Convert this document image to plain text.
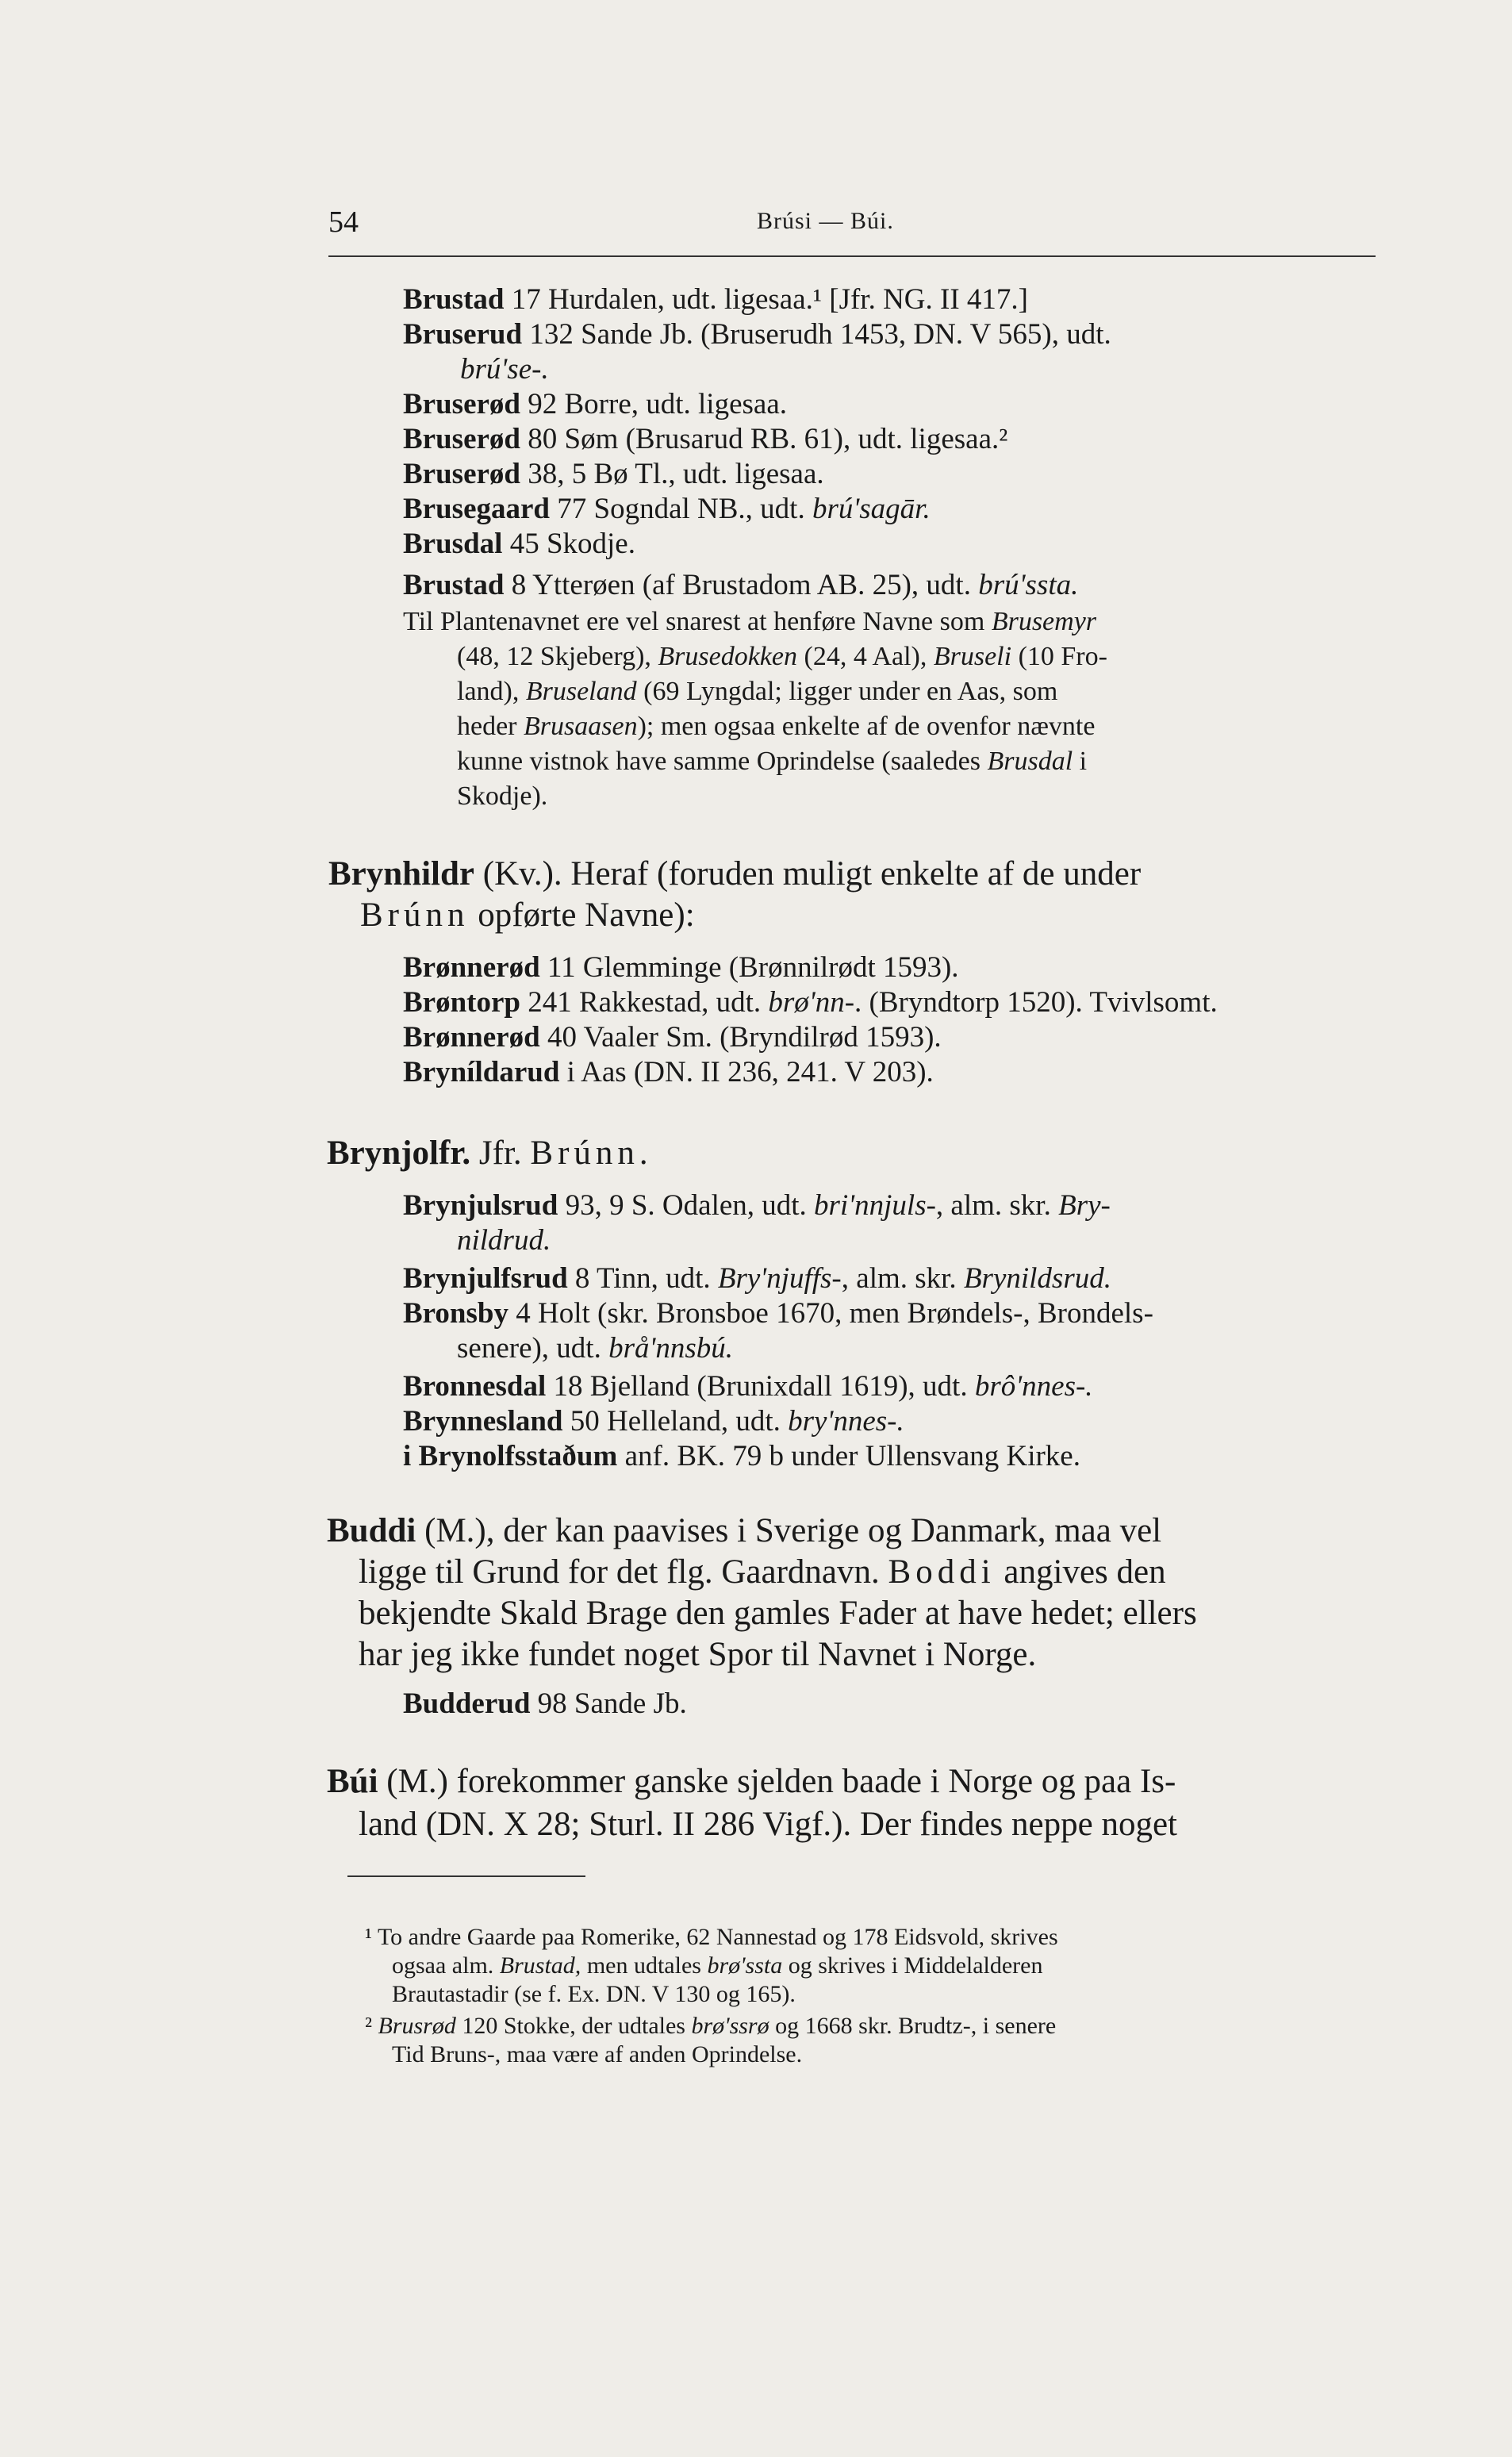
54	Brúsi — Búi.
Brustad 17 Hurdalen, udt. ligesaa.¹ [Jfr. NG. II 417.]
Bruserud 132 Sande Jb. (Bruserudh 1453, DN. V 565), udt.
brú'se-.
Bruserød 92 Borre, udt. ligesaa.
Bruserød 80 Søm (Brusarud RB. 61), udt. ligesaa.²
Bruserød 38, 5 Bø Tl., udt. ligesaa.
Brusegaard 77 Sogndal NB., udt. brú'sagār.
Brusdal 45 Skodje.
Brustad 8 Ytterøen (af Brustadom AB. 25), udt. brú'ssta.
Til Plantenavnet ere vel snarest at henføre Navne som Brusemyr
(48, 12 Skjeberg), Brusedokken (24, 4 Aal), Bruseli (10 Fro-
land), Bruseland (69 Lyngdal; ligger under en Aas, som
heder Brusaasen); men ogsaa enkelte af de ovenfor nævnte
kunne vistnok have samme Oprindelse (saaledes Brusdal i
Skodje).
Brynhildr (Kv.). Heraf (foruden muligt enkelte af de under
Brúnn opførte Navne):
Brønnerød 11 Glemminge (Brønnilrødt 1593).
Brøntorp 241 Rakkestad, udt. brø'nn-. (Bryndtorp 1520). Tvivlsomt.
Brønnerød 40 Vaaler Sm. (Bryndilrød 1593).
Bryníldarud i Aas (DN. II 236, 241. V 203).
Brynjolfr. Jfr. Brúnn.
Brynjulsrud 93, 9 S. Odalen, udt. bri'nnjuls-, alm. skr. Bry-
nildrud.
Brynjulfsrud 8 Tinn, udt. Bry'njuffs-, alm. skr. Brynildsrud.
Bronsby 4 Holt (skr. Bronsboe 1670, men Brøndels-, Brondels-
senere), udt. brå'nnsbú.
Bronnesdal 18 Bjelland (Brunixdall 1619), udt. brô'nnes-.
Brynnesland 50 Helleland, udt. bry'nnes-.
i Brynolfsstaðum anf. BK. 79 b under Ullensvang Kirke.
Buddi (M.), der kan paavises i Sverige og Danmark, maa vel
ligge til Grund for det flg. Gaardnavn. Boddi angives den
bekjendte Skald Brage den gamles Fader at have hedet; ellers
har jeg ikke fundet noget Spor til Navnet i Norge.
Budderud 98 Sande Jb.
Búi (M.) forekommer ganske sjelden baade i Norge og paa Is-
land (DN. X 28; Sturl. II 286 Vigf.). Der findes neppe noget
¹ To andre Gaarde paa Romerike, 62 Nannestad og 178 Eidsvold, skrives
ogsaa alm. Brustad, men udtales brø'ssta og skrives i Middelalderen
Brautastadir (se f. Ex. DN. V 130 og 165).
² Brusrød 120 Stokke, der udtales brø'ssrø og 1668 skr. Brudtz-, i senere
Tid Bruns-, maa være af anden Oprindelse.
